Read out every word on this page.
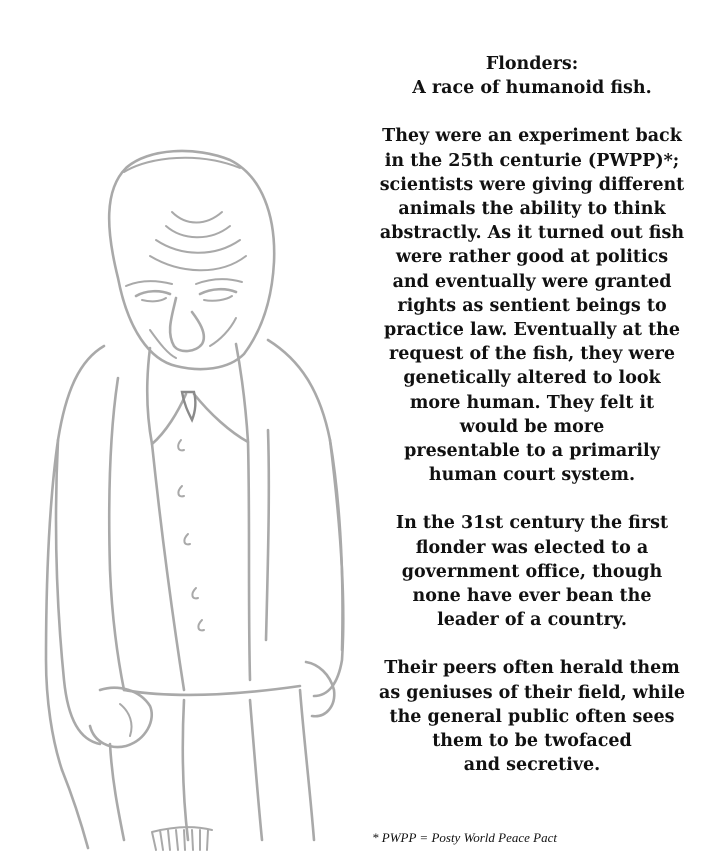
Flonders:
A race of humanoid fish.

They were an experiment back
in the 25th centurie (PWPP)*;
scientists were giving different
animals the ability to think
abstractly. As it turned out fish
were rather good at politics
and eventually were granted
rights as sentient beings to
practice law. Eventually at the
request of the fish, they were
genetically altered to look
more human. They felt it
would be more
presentable to a primarily
human court system.

In the 31st century the first
flonder was elected to a
government office, though
none have ever bean the
leader of a country.

Their peers often herald them
as geniuses of their field, while
the general public often sees
them to be twofaced
and secretive.

* PWPP = Posty World Peace Pact
